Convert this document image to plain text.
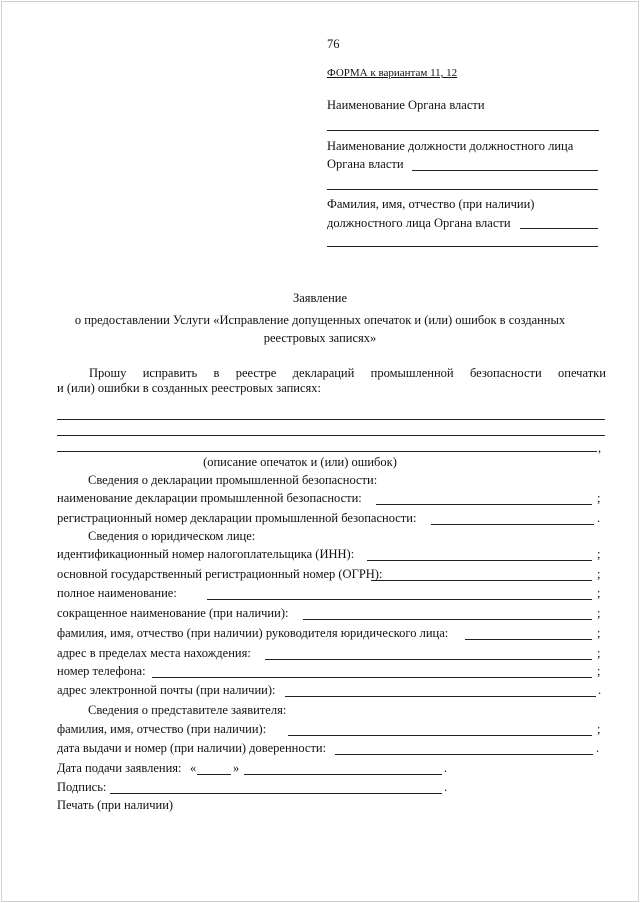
76
ФОРМА к вариантам 11, 12
Наименование Органа власти
Наименование должности должностного лица
Органа власти
Фамилия, имя, отчество (при наличии)
должностного лица Органа власти
Заявление
о предоставлении Услуги «Исправление допущенных опечаток и (или) ошибок в созданных
реестровых записях»
Прошу исправить в реестре деклараций промышленной безопасности опечатки
и (или) ошибки в созданных реестровых записях:
,
(описание опечаток и (или) ошибок)
Сведения о декларации промышленной безопасности:
наименование декларации промышленной безопасности:	;
регистрационный номер декларации промышленной безопасности:	.
Сведения о юридическом лице:
идентификационный номер налогоплательщика (ИНН):	;
основной государственный регистрационный номер (ОГРН):	;
полное наименование:	;
сокращенное наименование (при наличии):	;
фамилия, имя, отчество (при наличии) руководителя юридического лица:	;
адрес в пределах места нахождения:	;
номер телефона:	;
адрес электронной почты (при наличии):	.
Сведения о представителе заявителя:
фамилия, имя, отчество (при наличии):	;
дата выдачи и номер (при наличии) доверенности:	.
Дата подачи заявления: «	»	.
Подпись:	.
Печать (при наличии)
